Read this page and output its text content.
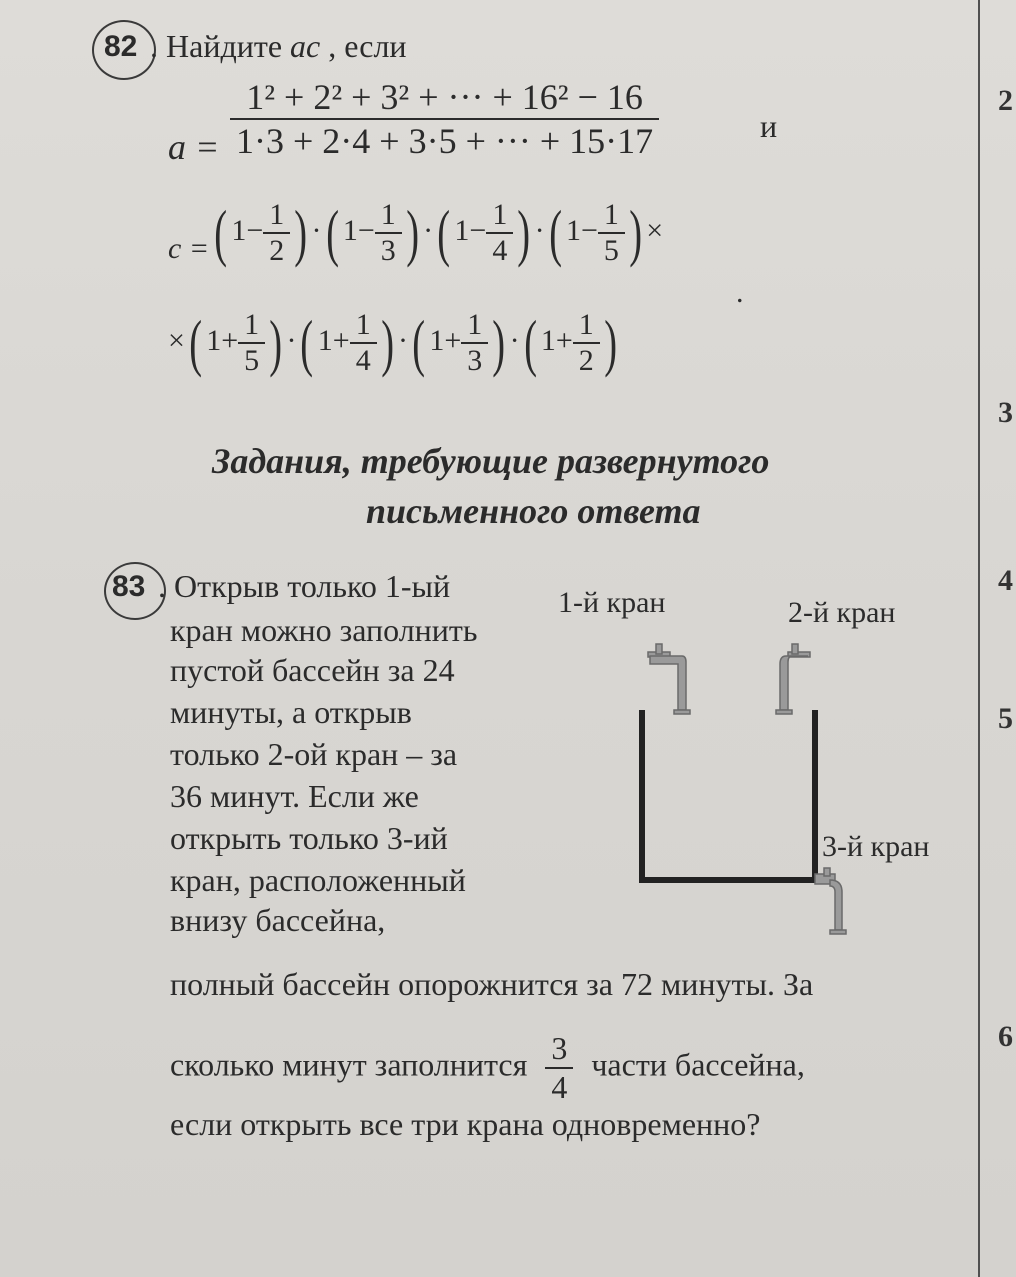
2
3
4
5
6
82 . Найдите ac , если
$a = \frac{\text{1² + 2² + 3² + ··· + 16² − 16}}{1\cdot 3 + 2\cdot 4 + 3\cdot 5 + \cdot\cdot\cdot + 15\cdot 17}$	и
c = ( $1- \frac{1}{2}$ ) ·( $1- \frac{1}{3}$ ) ·( $1- \frac{1}{4}$ ) ·( $1- \frac{1}{5}$ ) ×
.
×( $1+ \frac{1}{5}$ ) ·( $1+ \frac{1}{4}$ ) ·( $1+ \frac{1}{3}$ ) ·( $1+ \frac{1}{2}$ )
Задания, требующие развернутого
письменного ответа
83 . Открыв только 1-ый
кран можно заполнить
пустой бассейн за 24
минуты, а открыв
только 2-ой кран – за
36 минут. Если же
открыть только 3-ий
кран, расположенный
внизу бассейна,
полный бассейн опорожнится за 72 минуты. За
сколько минут заполнится $\frac{3}{4}$ части бассейна,
если открыть все три крана одновременно?
1-й кран	2-й кран
3-й кран
